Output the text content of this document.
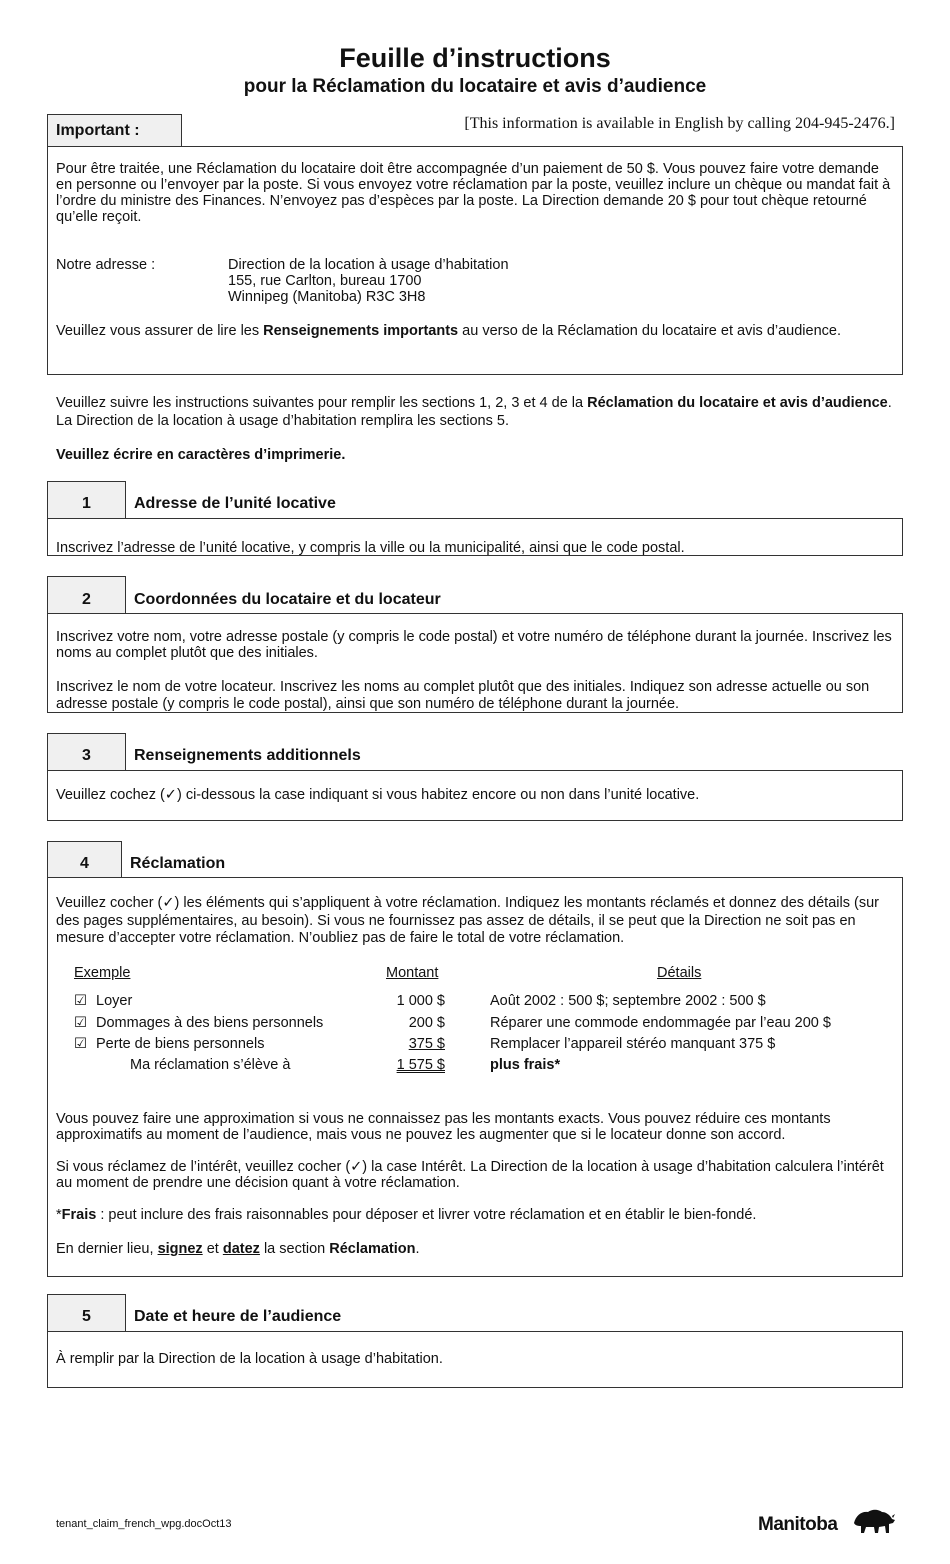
Feuille d’instructions
pour la Réclamation du locataire et avis d’audience
Important :	[This information is available in English by calling 204-945-2476.]
Pour être traitée, une Réclamation du locataire doit être accompagnée d’un paiement de 50 $. Vous pouvez faire votre demande en personne ou l’envoyer par la poste. Si vous envoyez votre réclamation par la poste, veuillez inclure un chèque ou mandat fait à l’ordre du ministre des Finances. N’envoyez pas d’espèces par la poste. La Direction demande 20 $ pour tout chèque retourné qu’elle reçoit.
Notre adresse :	Direction de la location à usage d’habitation
155, rue Carlton, bureau 1700
Winnipeg (Manitoba) R3C 3H8
Veuillez vous assurer de lire les Renseignements importants au verso de la Réclamation du locataire et avis d’audience.
Veuillez suivre les instructions suivantes pour remplir les sections 1, 2, 3 et 4 de la Réclamation du locataire et avis d’audience. La Direction de la location à usage d’habitation remplira les sections 5.
Veuillez écrire en caractères d’imprimerie.
1	Adresse de l’unité locative
Inscrivez l’adresse de l’unité locative, y compris la ville ou la municipalité, ainsi que le code postal.
2	Coordonnées du locataire et du locateur
Inscrivez votre nom, votre adresse postale (y compris le code postal) et votre numéro de téléphone durant la journée. Inscrivez les noms au complet plutôt que des initiales.
Inscrivez le nom de votre locateur. Inscrivez les noms au complet plutôt que des initiales. Indiquez son adresse actuelle ou son adresse postale (y compris le code postal), ainsi que son numéro de téléphone durant la journée.
3	Renseignements additionnels
Veuillez cochez (✓) ci-dessous la case indiquant si vous habitez encore ou non dans l’unité locative.
4	Réclamation
Veuillez cocher (✓) les éléments qui s’appliquent à votre réclamation. Indiquez les montants réclamés et donnez des détails (sur des pages supplémentaires, au besoin). Si vous ne fournissez pas assez de détails, il se peut que la Direction ne soit pas en mesure d’accepter votre réclamation. N’oubliez pas de faire le total de votre réclamation.
Exemple	Montant	Détails
☑ Loyer	1 000 $	Août 2002 : 500 $; septembre 2002 : 500 $
☑ Dommages à des biens personnels	200 $	Réparer une commode endommagée par l’eau 200 $
☑ Perte de biens personnels	375 $	Remplacer l’appareil stéréo manquant 375 $
Ma réclamation s’élève à	1 575 $	plus frais*
Vous pouvez faire une approximation si vous ne connaissez pas les montants exacts. Vous pouvez réduire ces montants approximatifs au moment de l’audience, mais vous ne pouvez les augmenter que si le locateur donne son accord.
Si vous réclamez de l’intérêt, veuillez cocher (✓) la case Intérêt. La Direction de la location à usage d’habitation calculera l’intérêt au moment de prendre une décision quant à votre réclamation.
*Frais : peut inclure des frais raisonnables pour déposer et livrer votre réclamation et en établir le bien-fondé.
En dernier lieu, signez et datez la section Réclamation.
5	Date et heure de l’audience
À remplir par la Direction de la location à usage d’habitation.
tenant_claim_french_wpg.docOct13	Manitoba
